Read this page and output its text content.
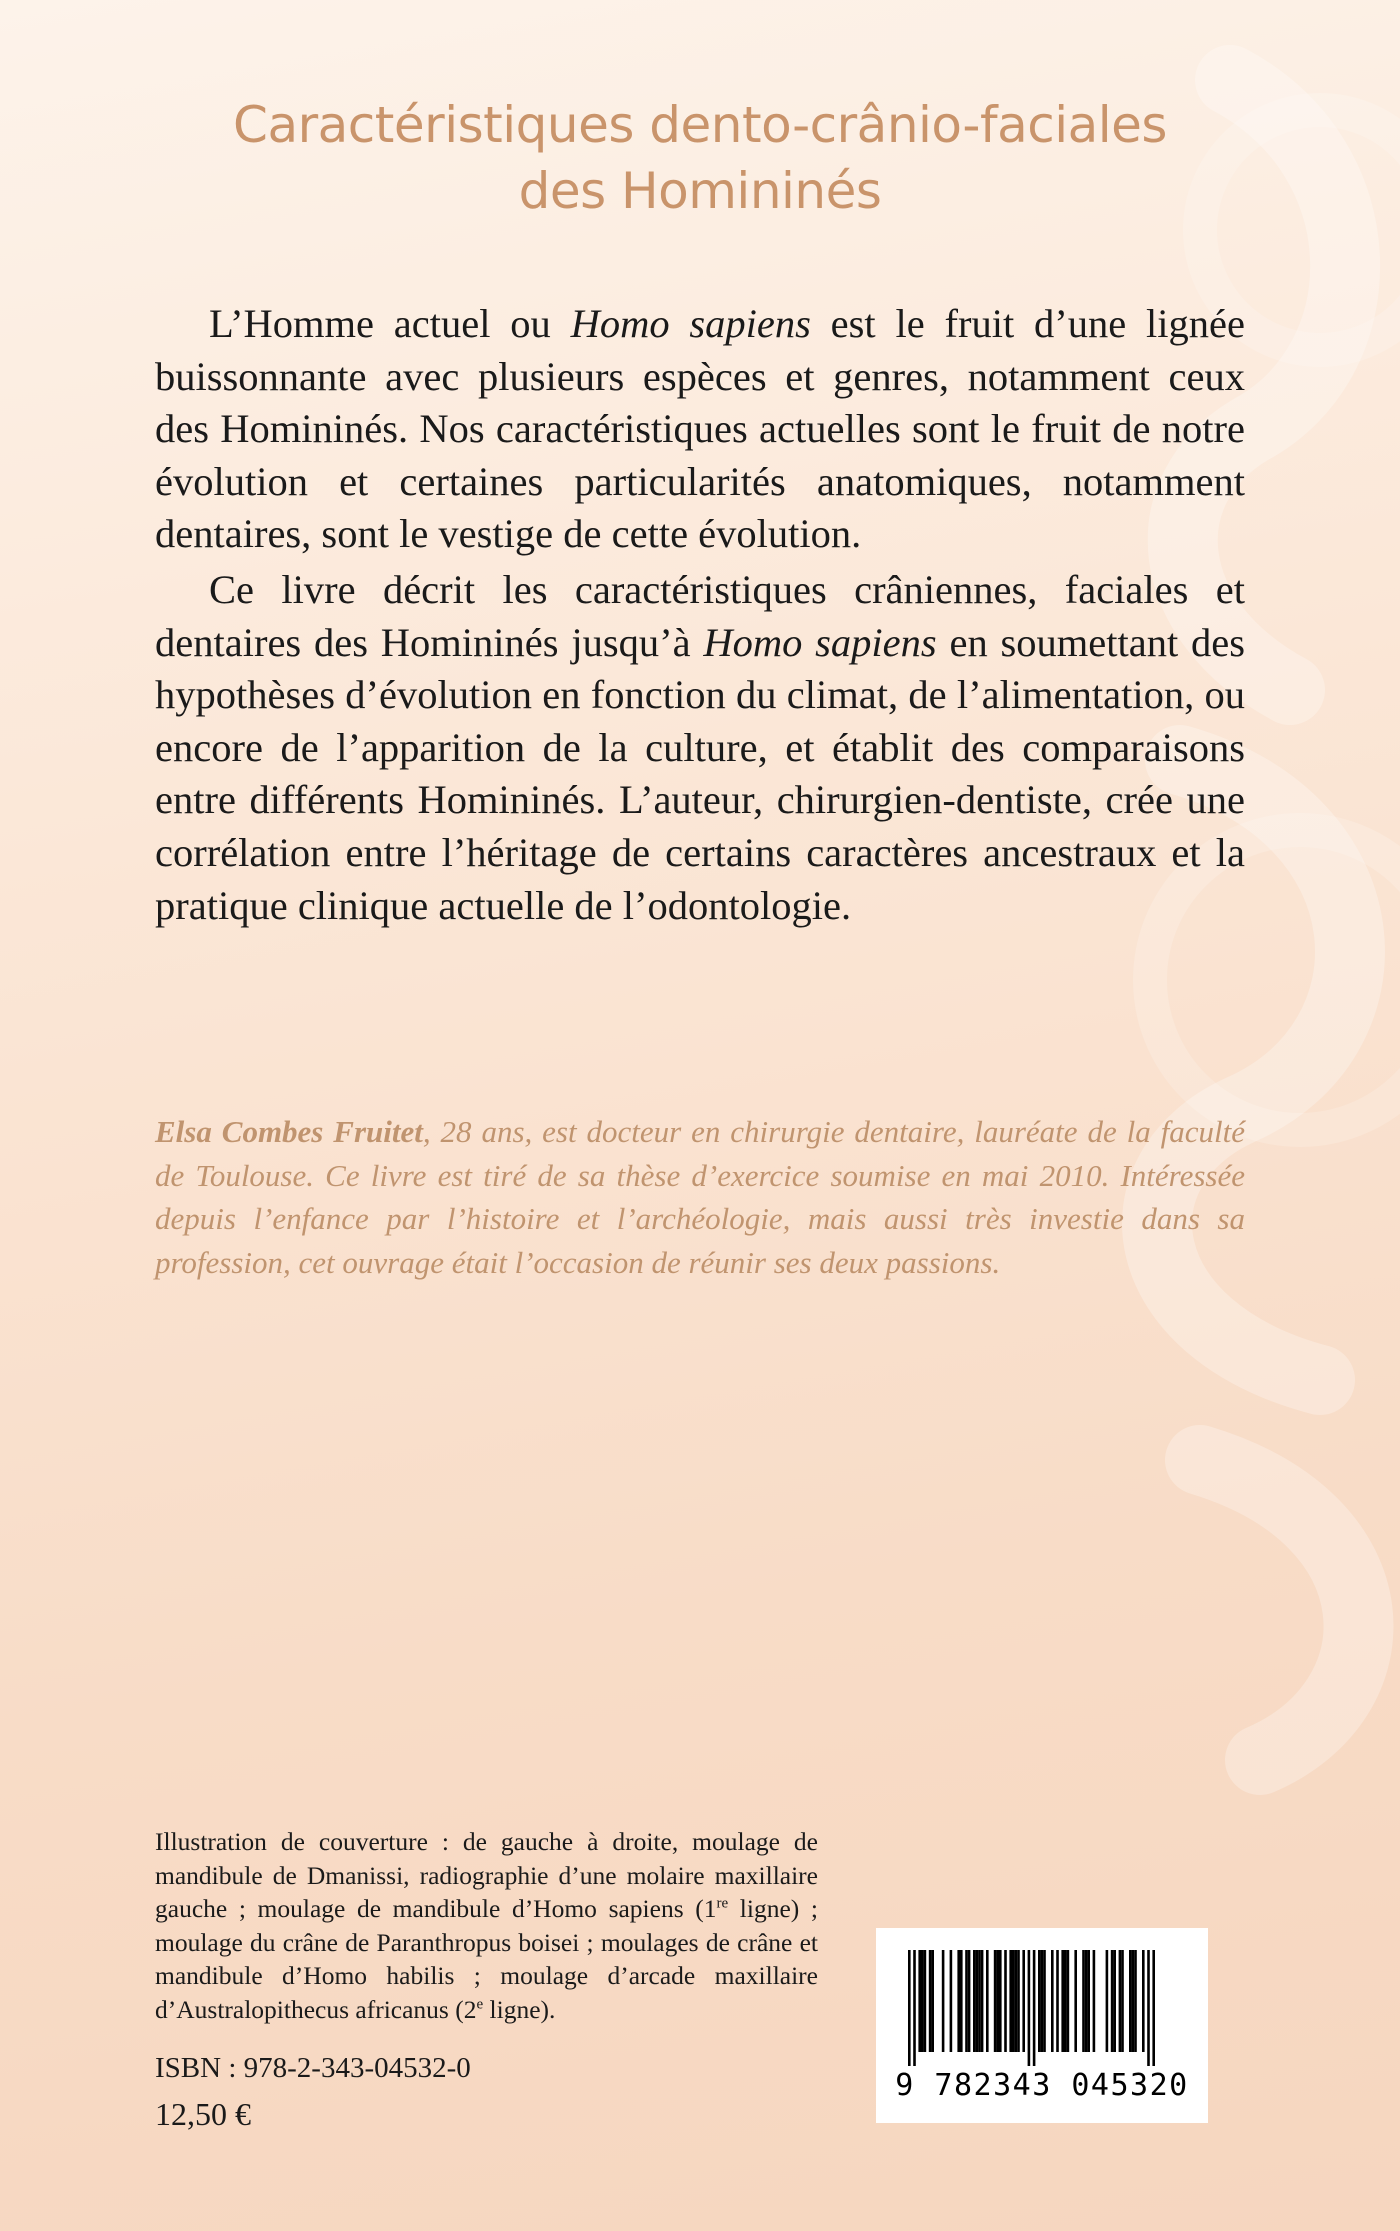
Caractéristiques dento-crânio-faciales
des Homininés

L’Homme actuel ou Homo sapiens est le fruit d’une lignée buissonnante avec plusieurs espèces et genres, notamment ceux des Homininés. Nos caractéristiques actuelles sont le fruit de notre évolution et certaines particularités anatomiques, notamment dentaires, sont le vestige de cette évolution.

Ce livre décrit les caractéristiques crâniennes, faciales et dentaires des Homininés jusqu’à Homo sapiens en soumettant des hypothèses d’évolution en fonction du climat, de l’alimentation, ou encore de l’apparition de la culture, et établit des comparaisons entre différents Homininés. L’auteur, chirurgien-dentiste, crée une corrélation entre l’héritage de certains caractères ancestraux et la pratique clinique actuelle de l’odontologie.

Elsa Combes Fruitet, 28 ans, est docteur en chirurgie dentaire, lauréate de la faculté de Toulouse. Ce livre est tiré de sa thèse d’exercice soumise en mai 2010. Intéressée depuis l’enfance par l’histoire et l’archéologie, mais aussi très investie dans sa profession, cet ouvrage était l’occasion de réunir ses deux passions.
Illustration de couverture : de gauche à droite, moulage de mandibule de Dmanissi, radiographie d’une molaire maxillaire gauche ; moulage de mandibule d’Homo sapiens (1re ligne) ; moulage du crâne de Paranthropus boisei ; moulages de crâne et mandibule d’Homo habilis ; moulage d’arcade maxillaire d’Australopithecus africanus (2e ligne).
ISBN : 978-2-343-04532-0
12,50 €
9 782343 045320
